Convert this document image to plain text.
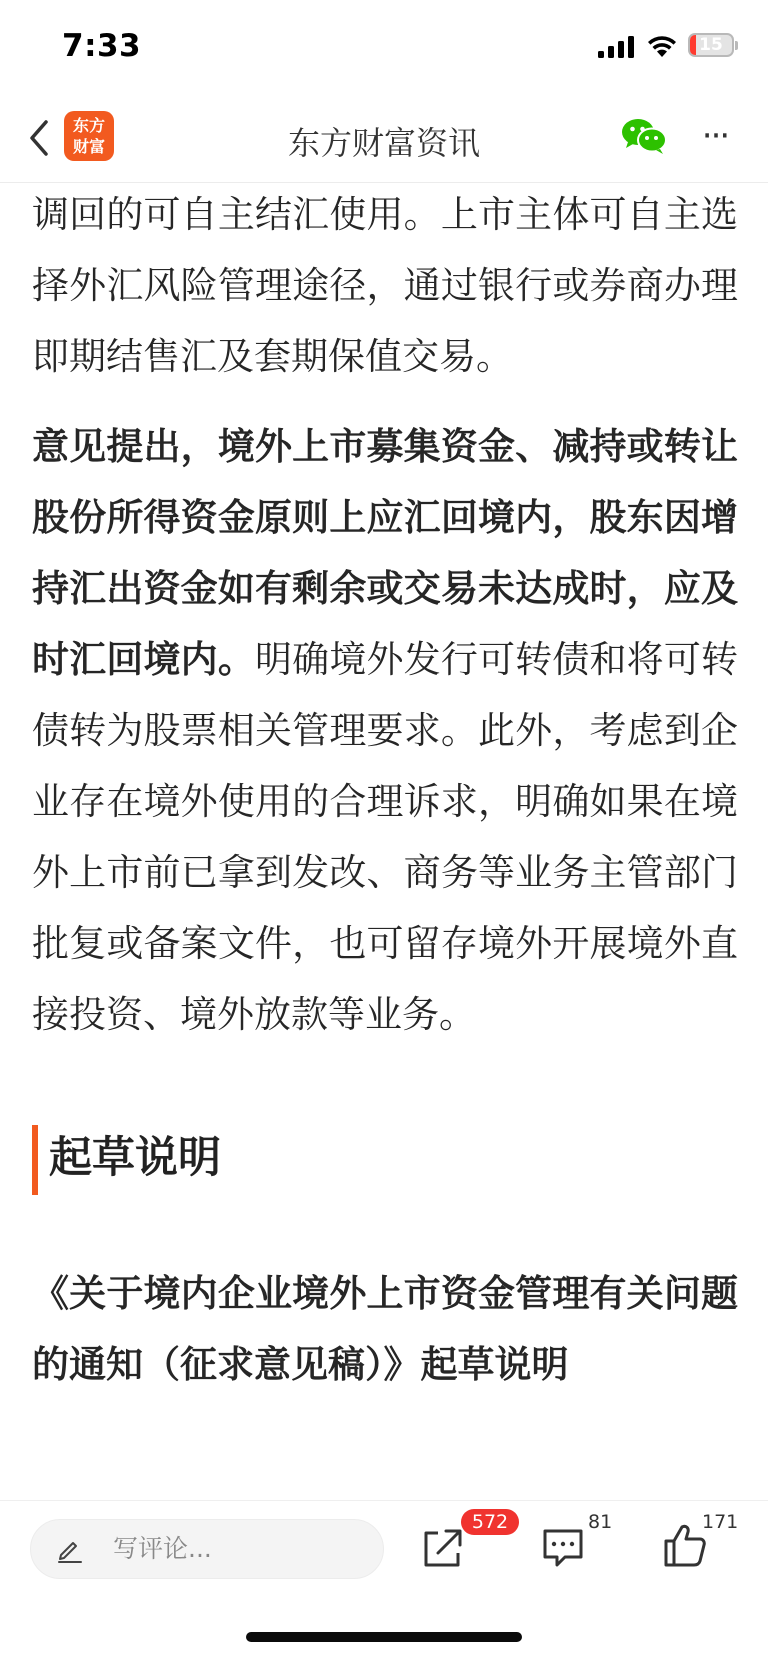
7:33	15
东方
财富	东方财富资讯	···

调回的可自主结汇使用。上市主体可自主选择外汇风险管理途径，通过银行或券商办理即期结售汇及套期保值交易。

意见提出，境外上市募集资金、减持或转让股份所得资金原则上应汇回境内，股东因增持汇出资金如有剩余或交易未达成时，应及时汇回境内。明确境外发行可转债和将可转债转为股票相关管理要求。此外，考虑到企业存在境外使用的合理诉求，明确如果在境外上市前已拿到发改、商务等业务主管部门批复或备案文件，也可留存境外开展境外直接投资、境外放款等业务。

起草说明

《关于境内企业境外上市资金管理有关问题的通知（征求意见稿）》起草说明

写评论...
572	81	171
